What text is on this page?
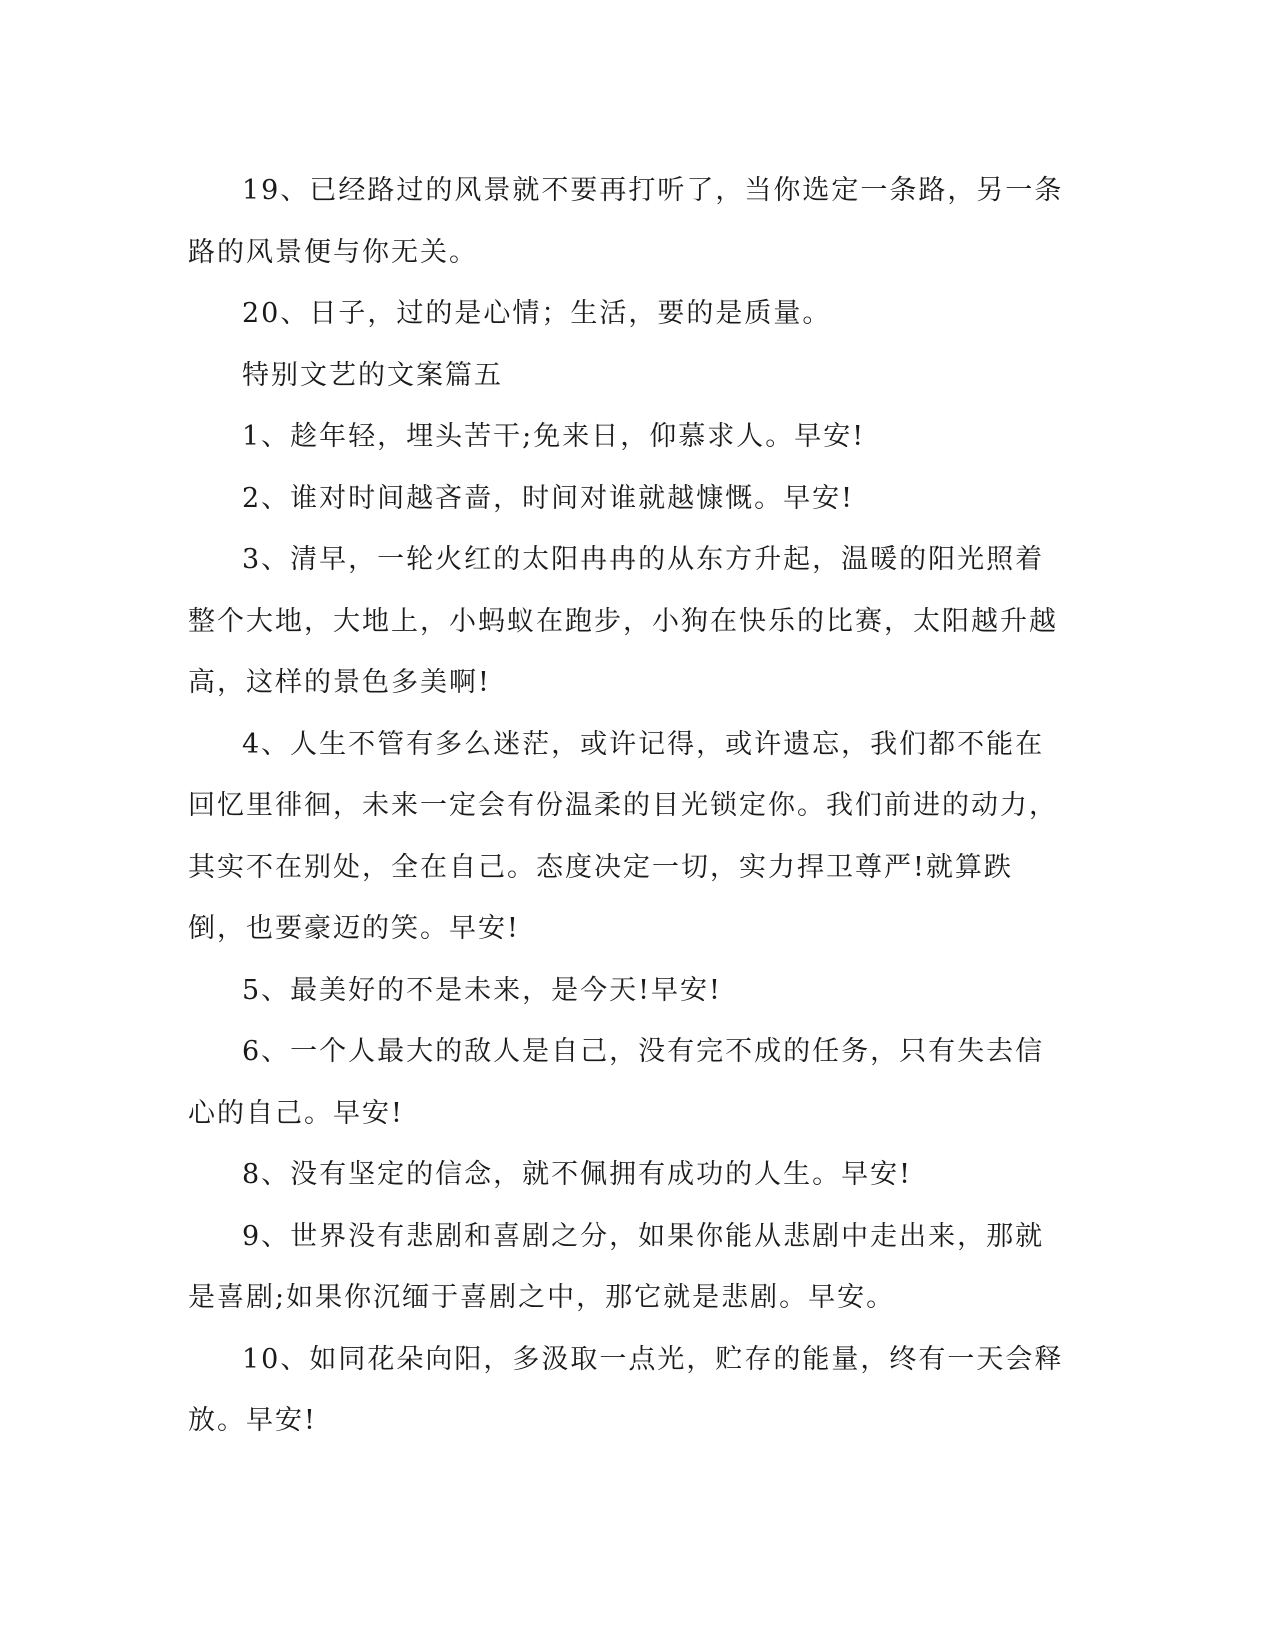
19、已经路过的风景就不要再打听了，当你选定一条路，另一条路的风景便与你无关。

20、日子，过的是心情；生活，要的是质量。

特别文艺的文案篇五

1、趁年轻，埋头苦干;免来日，仰慕求人。早安!

2、谁对时间越吝啬，时间对谁就越慷慨。早安!

3、清早，一轮火红的太阳冉冉的从东方升起，温暖的阳光照着整个大地，大地上，小蚂蚁在跑步，小狗在快乐的比赛，太阳越升越高，这样的景色多美啊!

4、人生不管有多么迷茫，或许记得，或许遗忘，我们都不能在回忆里徘徊，未来一定会有份温柔的目光锁定你。我们前进的动力，其实不在别处，全在自己。态度决定一切，实力捍卫尊严!就算跌倒，也要豪迈的笑。早安!

5、最美好的不是未来，是今天!早安!

6、一个人最大的敌人是自己，没有完不成的任务，只有失去信心的自己。早安!

8、没有坚定的信念，就不佩拥有成功的人生。早安!

9、世界没有悲剧和喜剧之分，如果你能从悲剧中走出来，那就是喜剧;如果你沉缅于喜剧之中，那它就是悲剧。早安。

10、如同花朵向阳，多汲取一点光，贮存的能量，终有一天会释放。早安!
